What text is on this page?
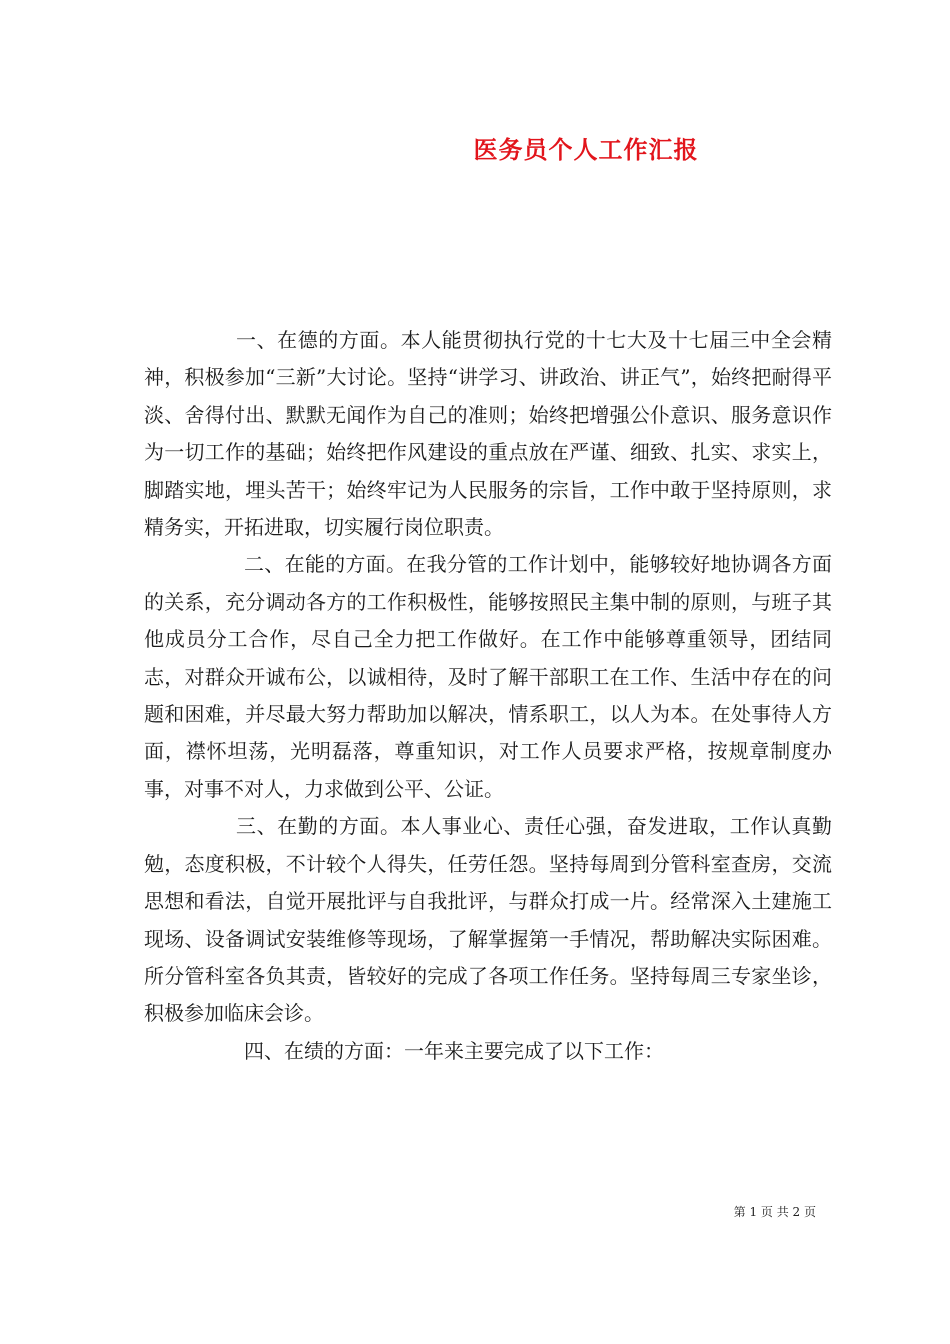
医务员个人工作汇报

一、在德的方面。本人能贯彻执行党的十七大及十七届三中全会精神，积极参加“三新”大讨论。坚持“讲学习、讲政治、讲正气”，始终把耐得平淡、舍得付出、默默无闻作为自己的准则；始终把增强公仆意识、服务意识作为一切工作的基础；始终把作风建设的重点放在严谨、细致、扎实、求实上，脚踏实地，埋头苦干；始终牢记为人民服务的宗旨，工作中敢于坚持原则，求精务实，开拓进取，切实履行岗位职责。

二、在能的方面。在我分管的工作计划中，能够较好地协调各方面的关系，充分调动各方的工作积极性，能够按照民主集中制的原则，与班子其他成员分工合作，尽自己全力把工作做好。在工作中能够尊重领导，团结同志，对群众开诚布公，以诚相待，及时了解干部职工在工作、生活中存在的问题和困难，并尽最大努力帮助加以解决，情系职工，以人为本。在处事待人方面，襟怀坦荡，光明磊落，尊重知识，对工作人员要求严格，按规章制度办事，对事不对人，力求做到公平、公证。

三、在勤的方面。本人事业心、责任心强，奋发进取，工作认真勤勉，态度积极，不计较个人得失，任劳任怨。坚持每周到分管科室查房，交流思想和看法，自觉开展批评与自我批评，与群众打成一片。经常深入土建施工现场、设备调试安装维修等现场，了解掌握第一手情况，帮助解决实际困难。所分管科室各负其责，皆较好的完成了各项工作任务。坚持每周三专家坐诊，积极参加临床会诊。

四、在绩的方面：一年来主要完成了以下工作：

第 1 页 共 2 页
